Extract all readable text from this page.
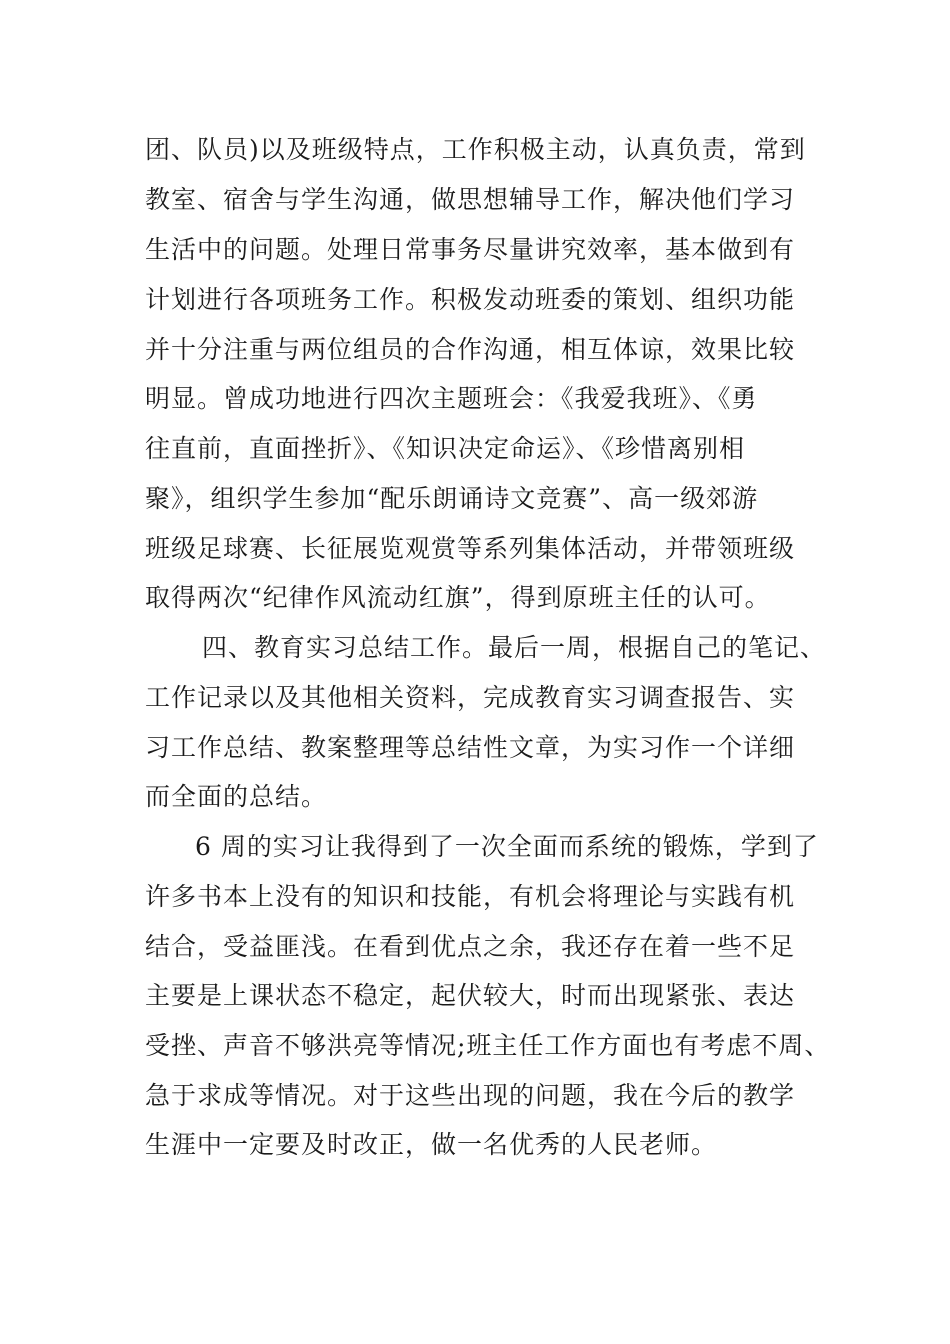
团、队员)以及班级特点，工作积极主动，认真负责，常到
教室、宿舍与学生沟通，做思想辅导工作，解决他们学习
生活中的问题。处理日常事务尽量讲究效率，基本做到有
计划进行各项班务工作。积极发动班委的策划、组织功能
并十分注重与两位组员的合作沟通，相互体谅，效果比较
明显。曾成功地进行四次主题班会：《我爱我班》、《勇
往直前，直面挫折》、《知识决定命运》、《珍惜离别相
聚》，组织学生参加“配乐朗诵诗文竞赛”、高一级郊游
班级足球赛、长征展览观赏等系列集体活动，并带领班级
取得两次“纪律作风流动红旗”，得到原班主任的认可。
四、教育实习总结工作。最后一周，根据自己的笔记、
工作记录以及其他相关资料，完成教育实习调查报告、实
习工作总结、教案整理等总结性文章，为实习作一个详细
而全面的总结。
6 周的实习让我得到了一次全面而系统的锻炼，学到了
许多书本上没有的知识和技能，有机会将理论与实践有机
结合，受益匪浅。在看到优点之余，我还存在着一些不足
主要是上课状态不稳定，起伏较大，时而出现紧张、表达
受挫、声音不够洪亮等情况;班主任工作方面也有考虑不周、
急于求成等情况。对于这些出现的问题，我在今后的教学
生涯中一定要及时改正，做一名优秀的人民老师。
